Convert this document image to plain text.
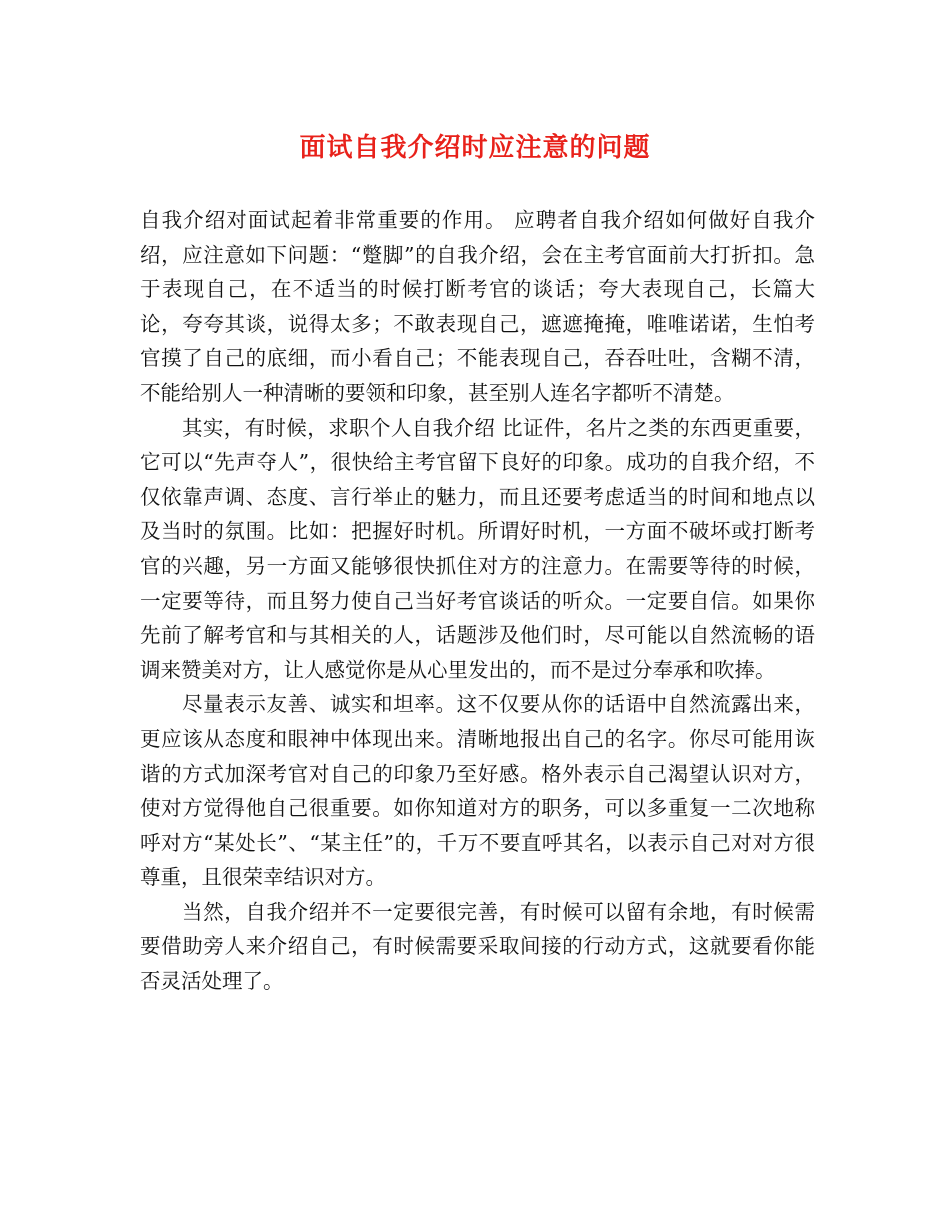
面试自我介绍时应注意的问题

自我介绍对面试起着非常重要的作用。 应聘者自我介绍如何做好自我介绍，应注意如下问题：“蹩脚”的自我介绍，会在主考官面前大打折扣。急于表现自己，在不适当的时候打断考官的谈话；夸大表现自己，长篇大论，夸夸其谈，说得太多；不敢表现自己，遮遮掩掩，唯唯诺诺，生怕考官摸了自己的底细，而小看自己；不能表现自己，吞吞吐吐，含糊不清，不能给别人一种清晰的要领和印象，甚至别人连名字都听不清楚。

其实，有时候，求职个人自我介绍 比证件，名片之类的东西更重要，它可以“先声夺人”，很快给主考官留下良好的印象。成功的自我介绍，不仅依靠声调、态度、言行举止的魅力，而且还要考虑适当的时间和地点以及当时的氛围。比如：把握好时机。所谓好时机，一方面不破坏或打断考官的兴趣，另一方面又能够很快抓住对方的注意力。在需要等待的时候，一定要等待，而且努力使自己当好考官谈话的听众。一定要自信。如果你先前了解考官和与其相关的人，话题涉及他们时，尽可能以自然流畅的语调来赞美对方，让人感觉你是从心里发出的，而不是过分奉承和吹捧。

尽量表示友善、诚实和坦率。这不仅要从你的话语中自然流露出来，更应该从态度和眼神中体现出来。清晰地报出自己的名字。你尽可能用诙谐的方式加深考官对自己的印象乃至好感。格外表示自己渴望认识对方，使对方觉得他自己很重要。如你知道对方的职务，可以多重复一二次地称呼对方“某处长”、“某主任”的，千万不要直呼其名，以表示自己对对方很尊重，且很荣幸结识对方。

当然，自我介绍并不一定要很完善，有时候可以留有余地，有时候需要借助旁人来介绍自己，有时候需要采取间接的行动方式，这就要看你能否灵活处理了。
